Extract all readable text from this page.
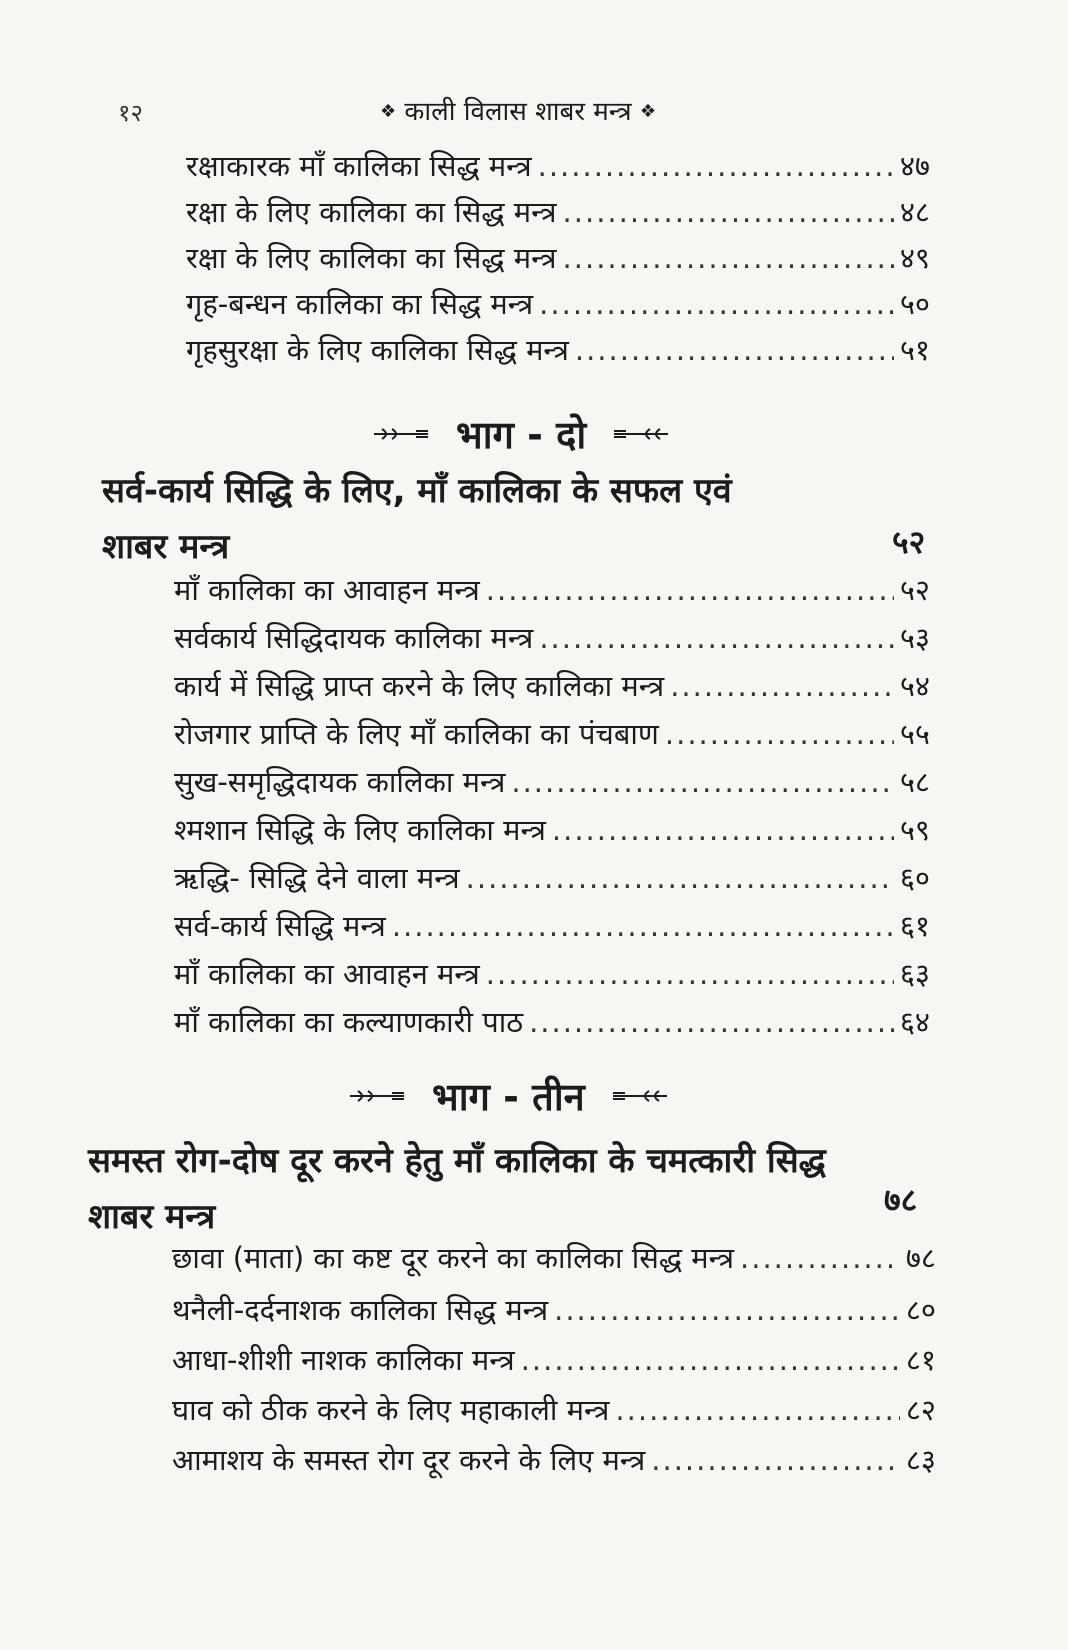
१२	❖ काली विलास शाबर मन्त्र ❖
रक्षाकारक माँ कालिका सिद्ध मन्त्र .....	४७
रक्षा के लिए कालिका का सिद्ध मन्त्र .....	४८
रक्षा के लिए कालिका का सिद्ध मन्त्र .....	४९
गृह-बन्धन कालिका का सिद्ध मन्त्र .....	५०
गृहसुरक्षा के लिए कालिका सिद्ध मन्त्र .....	५१
भाग - दो
सर्व-कार्य सिद्धि के लिए, माँ कालिका के सफल एवं
शाबर मन्त्र	५२
माँ कालिका का आवाहन मन्त्र .....	५२
सर्वकार्य सिद्धिदायक कालिका मन्त्र .....	५३
कार्य में सिद्धि प्राप्त करने के लिए कालिका मन्त्र .....	५४
रोजगार प्राप्ति के लिए माँ कालिका का पंचबाण .....	५५
सुख-समृद्धिदायक कालिका मन्त्र .....	५८
श्मशान सिद्धि के लिए कालिका मन्त्र .....	५९
ऋद्धि- सिद्धि देने वाला मन्त्र .....	६०
सर्व-कार्य सिद्धि मन्त्र .....	६१
माँ कालिका का आवाहन मन्त्र .....	६३
माँ कालिका का कल्याणकारी पाठ .....	६४
भाग - तीन
समस्त रोग-दोष दूर करने हेतु माँ कालिका के चमत्कारी सिद्ध
शाबर मन्त्र	७८
छावा (माता) का कष्ट दूर करने का कालिका सिद्ध मन्त्र .....	७८
थनैली-दर्दनाशक कालिका सिद्ध मन्त्र .....	८०
आधा-शीशी नाशक कालिका मन्त्र .....	८१
घाव को ठीक करने के लिए महाकाली मन्त्र .....	८२
आमाशय के समस्त रोग दूर करने के लिए मन्त्र .....	८३
